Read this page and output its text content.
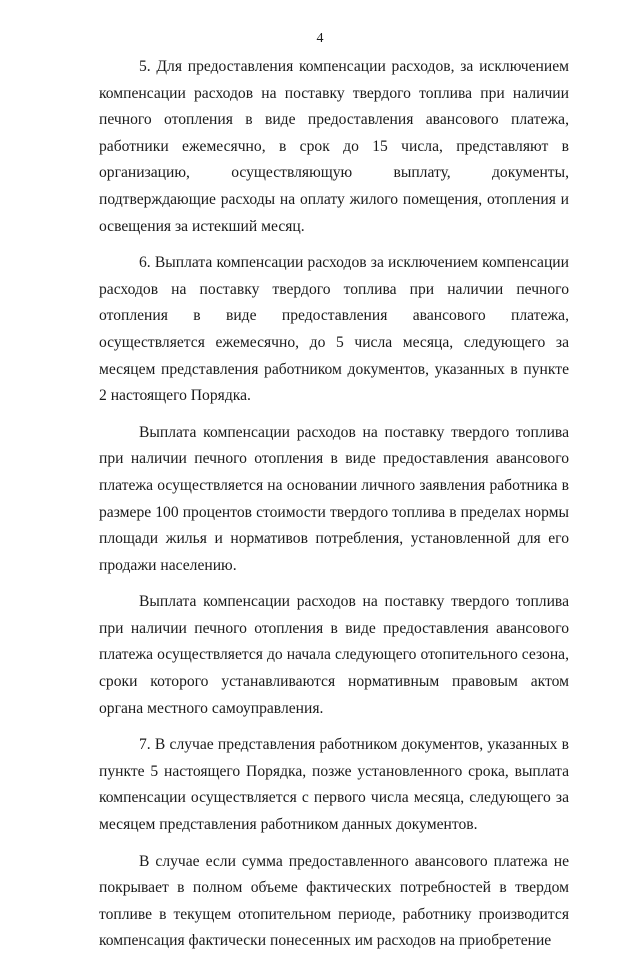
4

5. Для предоставления компенсации расходов, за исключением компенсации расходов на поставку твердого топлива при наличии печного отопления в виде предоставления авансового платежа, работники ежемесячно, в срок до 15 числа, представляют в организацию, осуществляющую выплату, документы, подтверждающие расходы на оплату жилого помещения, отопления и освещения за истекший месяц.

6. Выплата компенсации расходов за исключением компенсации расходов на поставку твердого топлива при наличии печного отопления в виде предоставления авансового платежа, осуществляется ежемесячно, до 5 числа месяца, следующего за месяцем представления работником документов, указанных в пункте 2 настоящего Порядка.

Выплата компенсации расходов на поставку твердого топлива при наличии печного отопления в виде предоставления авансового платежа осуществляется на основании личного заявления работника в размере 100 процентов стоимости твердого топлива в пределах нормы площади жилья и нормативов потребления, установленной для его продажи населению.

Выплата компенсации расходов на поставку твердого топлива при наличии печного отопления в виде предоставления авансового платежа осуществляется до начала следующего отопительного сезона, сроки которого устанавливаются нормативным правовым актом органа местного самоуправления.

7. В случае представления работником документов, указанных в пункте 5 настоящего Порядка, позже установленного срока, выплата компенсации осуществляется с первого числа месяца, следующего за месяцем представления работником данных документов.

В случае если сумма предоставленного авансового платежа не покрывает в полном объеме фактических потребностей в твердом топливе в текущем отопительном периоде, работнику производится компенсация фактически понесенных им расходов на приобретение
